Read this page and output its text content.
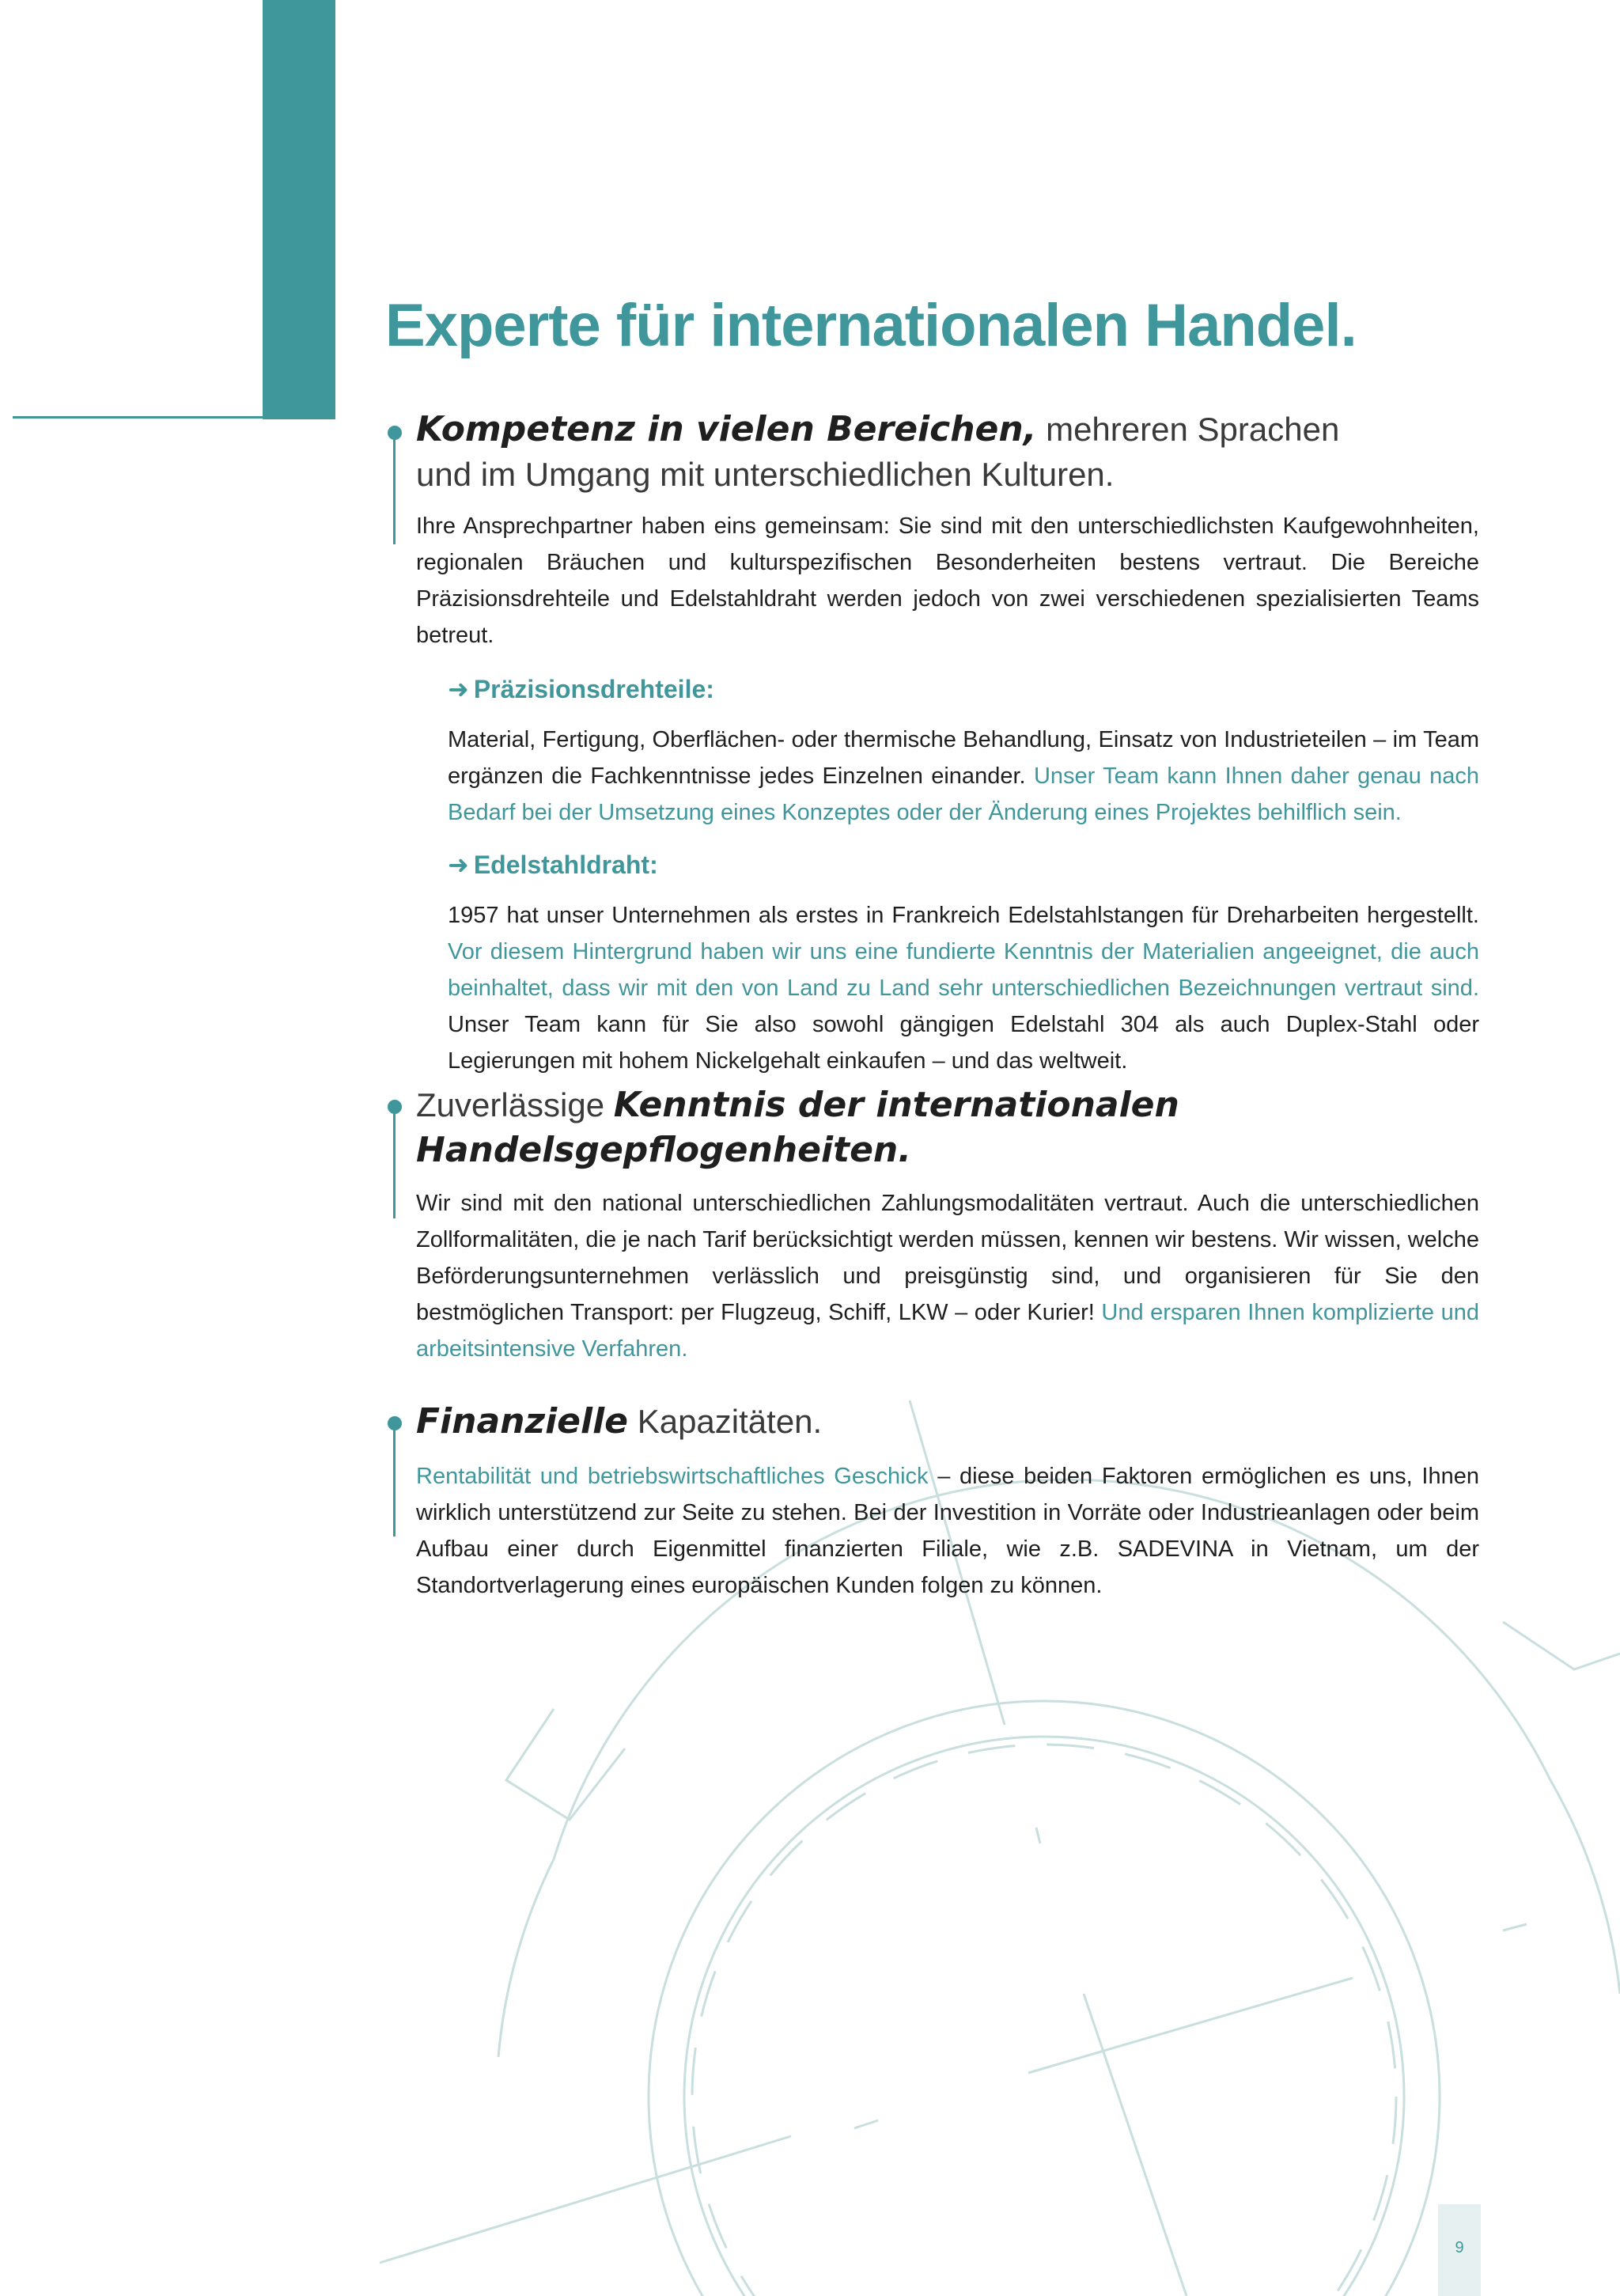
Experte für internationalen Handel.
Kompetenz in vielen Bereichen, mehreren Sprachen
und im Umgang mit unterschiedlichen Kulturen.

Ihre Ansprechpartner haben eins gemeinsam: Sie sind mit den unterschiedlichsten Kaufgewohnheiten, regionalen Bräuchen und kulturspezifischen Besonderheiten bestens vertraut. Die Bereiche Präzisionsdrehteile und Edelstahldraht werden jedoch von zwei verschiedenen spezialisierten Teams betreut.

➜ Präzisionsdrehteile:

Material, Fertigung, Oberflächen- oder thermische Behandlung, Einsatz von Industrieteilen – im Team ergänzen die Fachkenntnisse jedes Einzelnen einander. Unser Team kann Ihnen daher genau nach Bedarf bei der Umsetzung eines Konzeptes oder der Änderung eines Projektes behilflich sein.

➜ Edelstahldraht:

1957 hat unser Unternehmen als erstes in Frankreich Edelstahlstangen für Dreharbeiten hergestellt. Vor diesem Hintergrund haben wir uns eine fundierte Kenntnis der Materialien angeeignet, die auch beinhaltet, dass wir mit den von Land zu Land sehr unterschiedlichen Bezeichnungen vertraut sind. Unser Team kann für Sie also sowohl gängigen Edelstahl 304 als auch Duplex-Stahl oder Legierungen mit hohem Nickelgehalt einkaufen – und das weltweit.

Zuverlässige Kenntnis der internationalen
Handelsgepflogenheiten.

Wir sind mit den national unterschiedlichen Zahlungsmodalitäten vertraut. Auch die unterschiedlichen Zollformalitäten, die je nach Tarif berücksichtigt werden müssen, kennen wir bestens. Wir wissen, welche Beförderungsunternehmen verlässlich und preisgünstig sind, und organisieren für Sie den bestmöglichen Transport: per Flugzeug, Schiff, LKW – oder Kurier! Und ersparen Ihnen komplizierte und arbeitsintensive Verfahren.

Finanzielle Kapazitäten.

Rentabilität und betriebswirtschaftliches Geschick – diese beiden Faktoren ermöglichen es uns, Ihnen wirklich unterstützend zur Seite zu stehen. Bei der Investition in Vorräte oder Industrieanlagen oder beim Aufbau einer durch Eigenmittel finanzierten Filiale, wie z.B. SADEVINA in Vietnam, um der Standortverlagerung eines europäischen Kunden folgen zu können.

9
